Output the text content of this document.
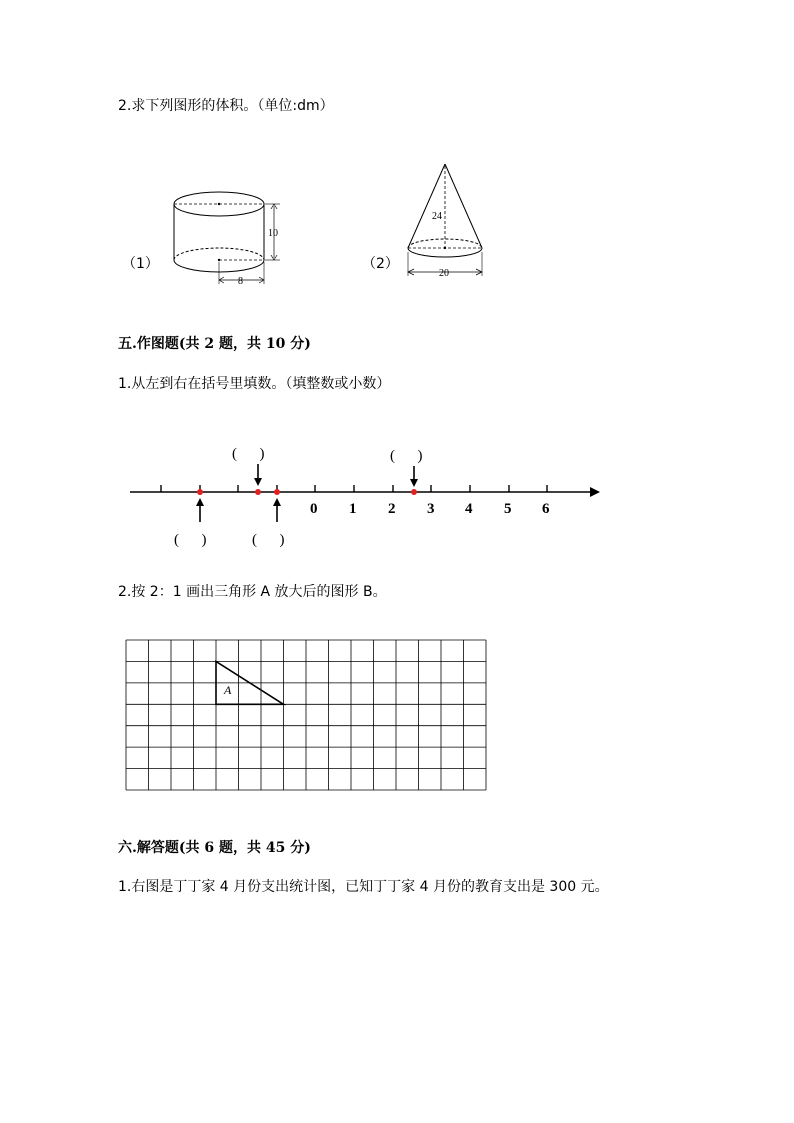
2.求下列图形的体积。（单位:dm）
（1）
10
8
（2）
24
20
五.作图题(共 2 题，共 10 分)
1.从左到右在括号里填数。（填整数或小数）
0 1 2 3 4 5 6
(      )	(      )
(      )	(      )
2.按 2：1 画出三角形 A 放大后的图形 B。
A
六.解答题(共 6 题，共 45 分)
1.右图是丁丁家 4 月份支出统计图，已知丁丁家 4 月份的教育支出是 300 元。
